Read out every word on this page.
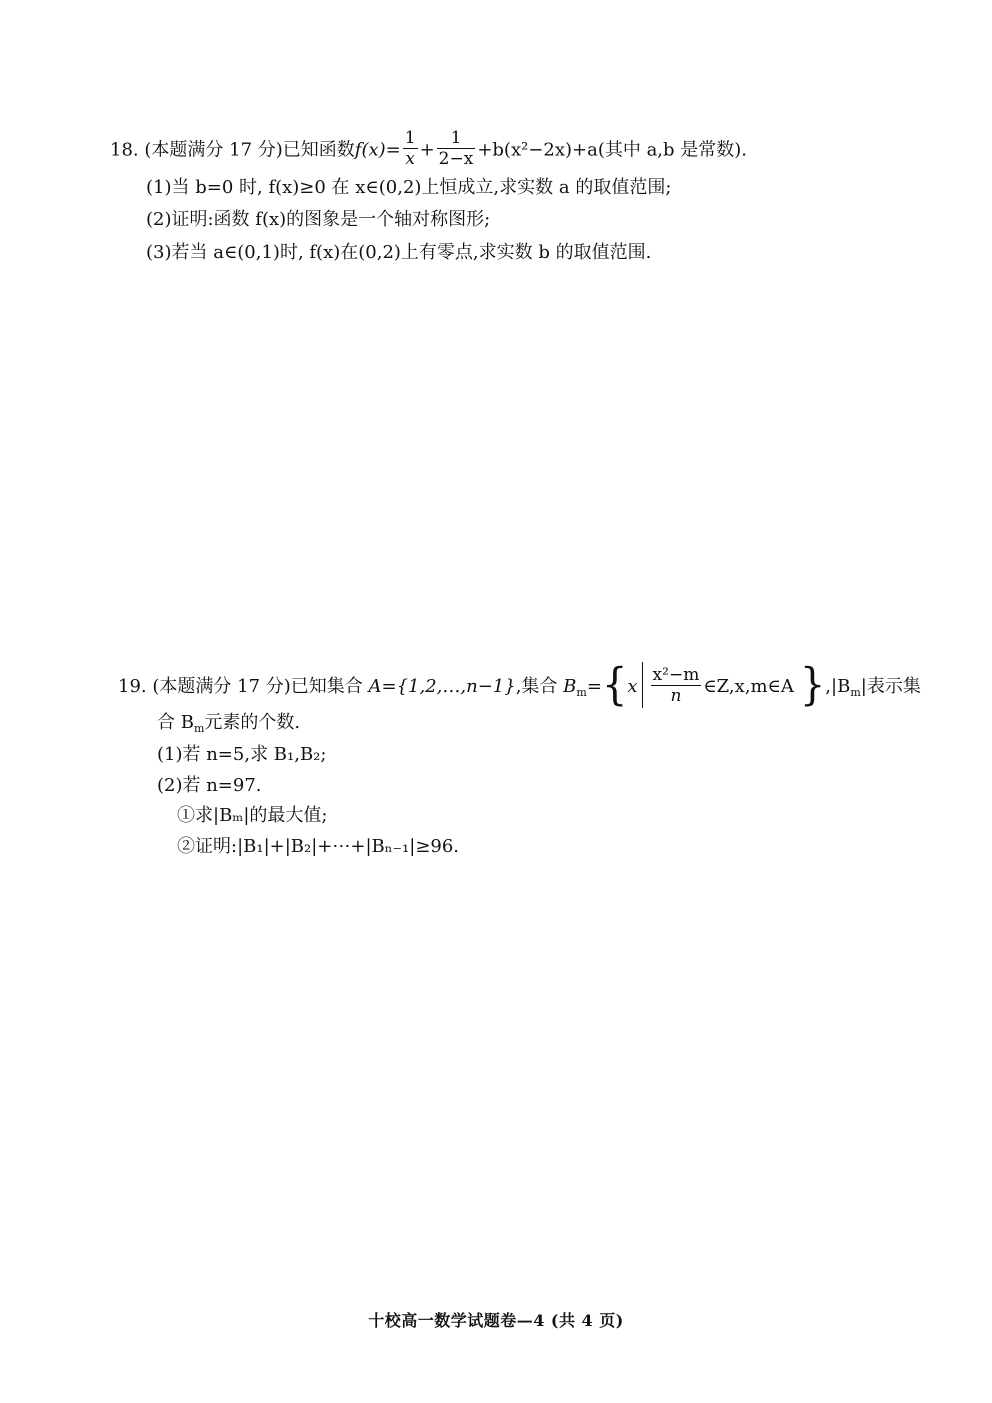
18. (本题满分 17 分)已知函数$f(x)= \frac{1}{x} + \frac{1}{2-x} +b(x^2-2x)+a$(其中 a,b 是常数).
(1)当 b=0 时, f(x)≥0 在 x∈(0,2)上恒成立,求实数 a 的取值范围;
(2)证明:函数 f(x)的图象是一个轴对称图形;
(3)若当 a∈(0,1)时, f(x)在(0,2)上有零点,求实数 b 的取值范围.
19. (本题满分 17 分)已知集合 A={1,2,…,n−1},集合 $B_m=\{x \frac{\text{x²−m}}{n}$ ∈Z,x,m∈A }$,|B_m|$表示集
合 $B_m$元素的个数.
(1)若 n=5,求 B₁,B₂;
(2)若 n=97.
①求|Bₘ|的最大值;
②证明:|B₁|+|B₂|+⋯+|Bₙ₋₁|≥96.
十校高一数学试题卷—4 (共 4 页)
